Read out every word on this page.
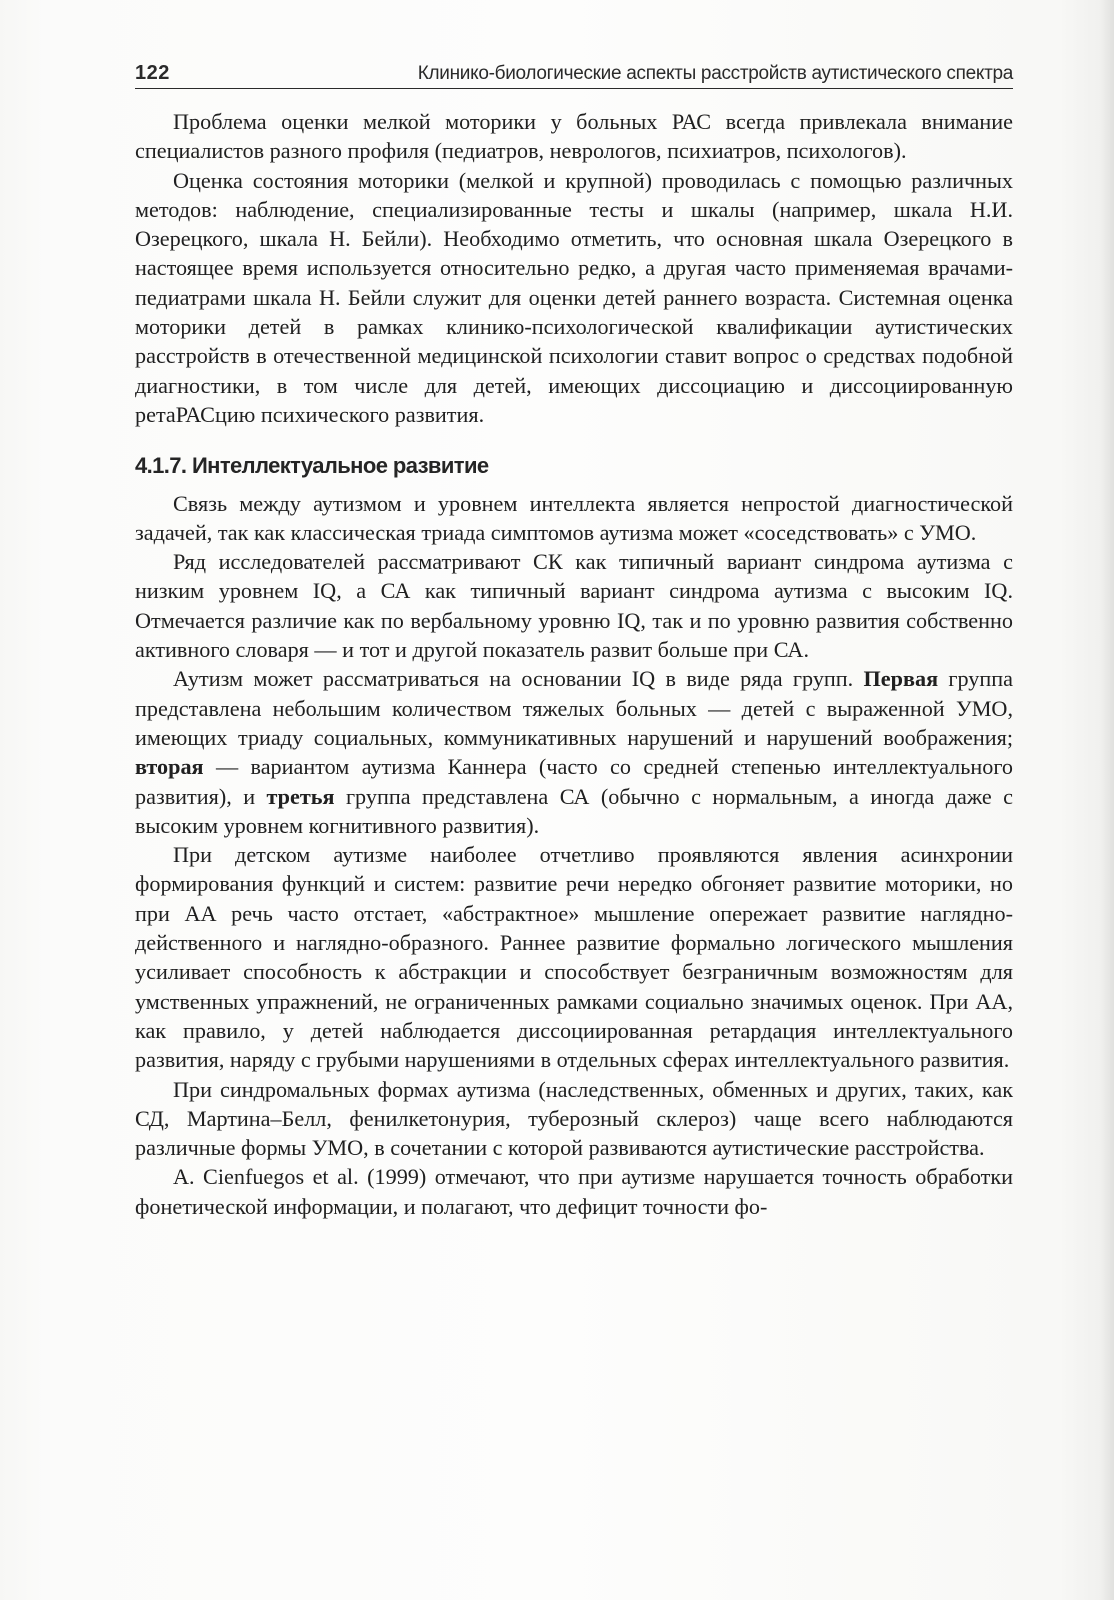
122	Клинико-биологические аспекты расстройств аутистического спектра

Проблема оценки мелкой моторики у больных РАС всегда привлекала внимание специалистов разного профиля (педиатров, неврологов, психиатров, психологов).

Оценка состояния моторики (мелкой и крупной) проводилась с помощью различных методов: наблюдение, специализированные тесты и шкалы (например, шкала Н.И. Озерецкого, шкала Н. Бейли). Необходимо отметить, что основная шкала Озерецкого в настоящее время используется относительно редко, а другая часто применяемая врачами-педиатрами шкала Н. Бейли служит для оценки детей раннего возраста. Системная оценка моторики детей в рамках клинико-психологической квалификации аутистических расстройств в отечественной медицинской психологии ставит вопрос о средствах подобной диагностики, в том числе для детей, имеющих диссоциацию и диссоциированную ретаРАСцию психического развития.

4.1.7. Интеллектуальное развитие

Связь между аутизмом и уровнем интеллекта является непростой диагностической задачей, так как классическая триада симптомов аутизма может «соседствовать» с УМО.

Ряд исследователей рассматривают СК как типичный вариант синдрома аутизма с низким уровнем IQ, а СА как типичный вариант синдрома аутизма с высоким IQ. Отмечается различие как по вербальному уровню IQ, так и по уровню развития собственно активного словаря — и тот и другой показатель развит больше при СА.

Аутизм может рассматриваться на основании IQ в виде ряда групп. Первая группа представлена небольшим количеством тяжелых больных — детей с выраженной УМО, имеющих триаду социальных, коммуникативных нарушений и нарушений воображения; вторая — вариантом аутизма Каннера (часто со средней степенью интеллектуального развития), и третья группа представлена СА (обычно с нормальным, а иногда даже с высоким уровнем когнитивного развития).

При детском аутизме наиболее отчетливо проявляются явления асинхронии формирования функций и систем: развитие речи нередко обгоняет развитие моторики, но при АА речь часто отстает, «абстрактное» мышление опережает развитие наглядно-действенного и наглядно-образного. Раннее развитие формально логического мышления усиливает способность к абстракции и способствует безграничным возможностям для умственных упражнений, не ограниченных рамками социально значимых оценок. При АА, как правило, у детей наблюдается диссоциированная ретардация интеллектуального развития, наряду с грубыми нарушениями в отдельных сферах интеллектуального развития.

При синдромальных формах аутизма (наследственных, обменных и других, таких, как СД, Мартина–Белл, фенилкетонурия, туберозный склероз) чаще всего наблюдаются различные формы УМО, в сочетании с которой развиваются аутистические расстройства.

A. Cienfuegos et al. (1999) отмечают, что при аутизме нарушается точность обработки фонетической информации, и полагают, что дефицит точности фо-
